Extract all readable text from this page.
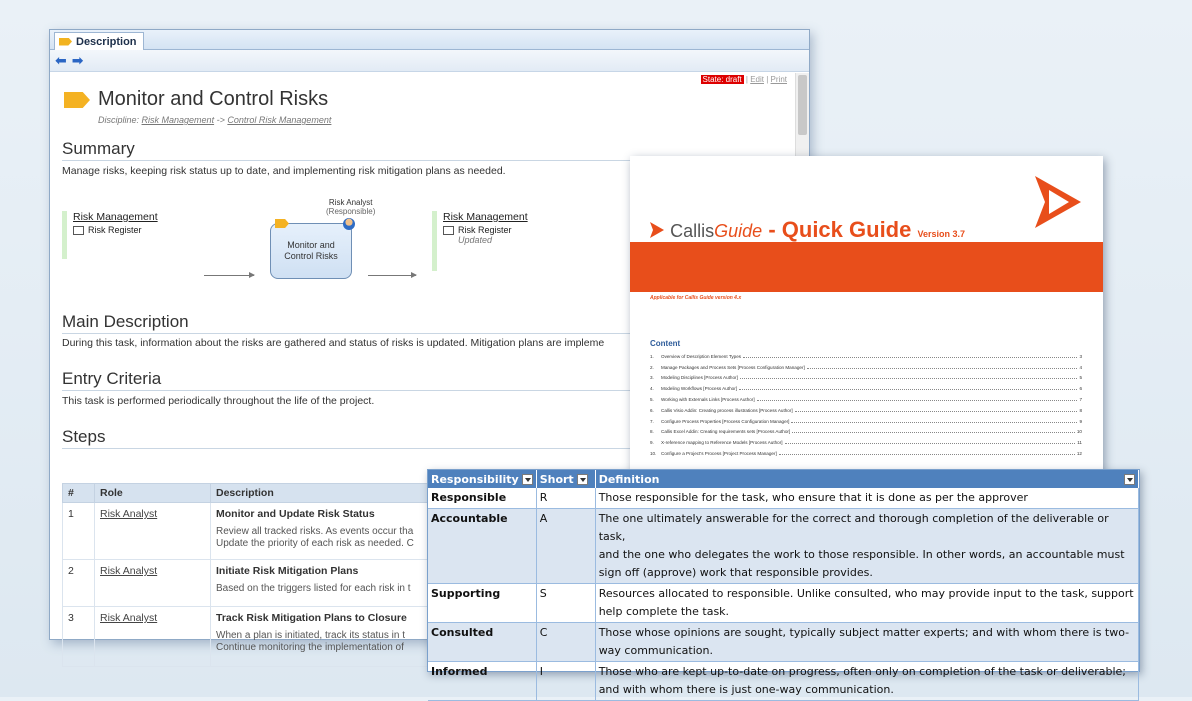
Description
⬅ ➡
State: draft | Edit | Print
Monitor and Control Risks
Discipline: Risk Management -> Control Risk Management
Summary
Manage risks, keeping risk status up to date, and implementing risk mitigation plans as needed.
Risk Management
Risk Register
Risk Analyst
(Responsible)
Monitor and
Control Risks
Risk Management
Risk Register
Updated
Main Description
During this task, information about the risks are gathered and status of risks is updated. Mitigation plans are impleme
Entry Criteria
This task is performed periodically throughout the life of the project.
Steps
#	Role	Description
1	Risk Analyst	Monitor and Update Risk Status
Review all tracked risks. As events occur tha
Update the priority of each risk as needed. C

2	Risk Analyst	Initiate Risk Mitigation Plans
Based on the triggers listed for each risk in t

3	Risk Analyst	Track Risk Mitigation Plans to Closure
When a plan is initiated, track its status in t
Continue monitoring the implementation of
CallisGuide - Quick Guide Version 3.7
Applicable for Callis Guide version 4.x
Content
1.	Overview of Description Element Types	3
2.	Manage Packages and Process Sets [Process Configuration Manager]	4
3.	Modeling Disciplines [Process Author]	5
4.	Modeling Workflows [Process Author]	6
5.	Working with Externals Links [Process Author]	7
6.	Callis Visio Addin: Creating process illustrations [Process Author]	8
7.	Configure Process Properties [Process Configuration Manager]	9
8.	Callis Excel Addin: Creating requirements sets [Process Author]	10
9.	X-reference mapping to Reference Models [Process Author]	11
10.	Configure a Project's Process [Project Process Manager]	12
Responsibility	Short	Definition

Responsible	R	Those responsible for the task, who ensure that it is done as per the approver

Accountable	A	The one ultimately answerable for the correct and thorough completion of the deliverable or task,
and the one who delegates the work to those responsible. In other words, an accountable must
sign off (approve) work that responsible provides.

Supporting	S	Resources allocated to responsible. Unlike consulted, who may provide input to the task, support
help complete the task.

Consulted	C	Those whose opinions are sought, typically subject matter experts; and with whom there is two-
way communication.

Informed	I	Those who are kept up-to-date on progress, often only on completion of the task or deliverable;
and with whom there is just one-way communication.
